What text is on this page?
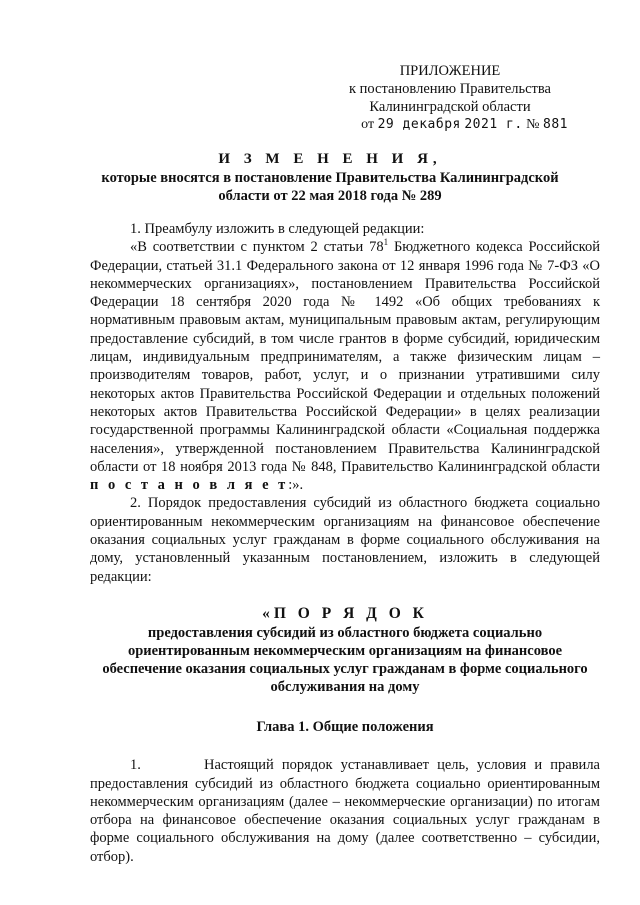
ПРИЛОЖЕНИЕ
к постановлению Правительства
Калининградской области
от 29 декабря 2021 г. № 881
И З М Е Н Е Н И Я,
которые вносятся в постановление Правительства Калининградской
области от 22 мая 2018 года № 289

1. Преамбулу изложить в следующей редакции:

«В соответствии с пунктом 2 статьи $78^1$ Бюджетного кодекса Российской Федерации, статьей 31.1 Федерального закона от 12 января 1996 года № 7-ФЗ «О некоммерческих организациях», постановлением Правительства Российской Федерации 18 сентября 2020 года № 1492 «Об общих требованиях к нормативным правовым актам, муниципальным правовым актам, регулирующим предоставление субсидий, в том числе грантов в форме субсидий, юридическим лицам, индивидуальным предпринимателям, а также физическим лицам – производителям товаров, работ, услуг, и о признании утратившими силу некоторых актов Правительства Российской Федерации и отдельных положений некоторых актов Правительства Российской Федерации» в целях реализации государственной программы Калининградской области «Социальная поддержка населения», утвержденной постановлением Правительства Калининградской области от 18 ноября 2013 года № 848, Правительство Калининградской области п о с т а н о в л я е т:».

2. Порядок предоставления субсидий из областного бюджета социально ориентированным некоммерческим организациям на финансовое обеспечение оказания социальных услуг гражданам в форме социального обслуживания на дому, установленный указанным постановлением, изложить в следующей редакции:

«П О Р Я Д О К
предоставления субсидий из областного бюджета социально
ориентированным некоммерческим организациям на финансовое
обеспечение оказания социальных услуг гражданам в форме социального
обслуживания на дому
Глава 1. Общие положения

1.	Настоящий порядок устанавливает цель, условия и правила предоставления субсидий из областного бюджета социально ориентированным некоммерческим организациям (далее – некоммерческие организации) по итогам отбора на финансовое обеспечение оказания социальных услуг гражданам в форме социального обслуживания на дому (далее соответственно – субсидии, отбор).
